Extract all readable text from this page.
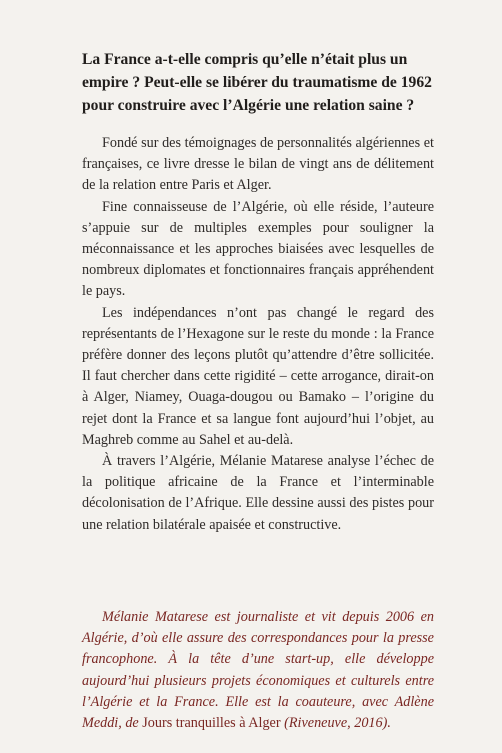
La France a-t-elle compris qu’elle n’était plus un empire ? Peut-elle se libérer du traumatisme de 1962 pour construire avec l’Algérie une relation saine ?

Fondé sur des témoignages de personnalités algériennes et françaises, ce livre dresse le bilan de vingt ans de délitement de la relation entre Paris et Alger.

Fine connaisseuse de l’Algérie, où elle réside, l’auteure s’appuie sur de multiples exemples pour souligner la méconnaissance et les approches biaisées avec lesquelles de nombreux diplomates et fonctionnaires français appréhendent le pays.

Les indépendances n’ont pas changé le regard des représentants de l’Hexagone sur le reste du monde : la France préfère donner des leçons plutôt qu’attendre d’être sollicitée. Il faut chercher dans cette rigidité – cette arrogance, dirait-on à Alger, Niamey, Ouaga-dougou ou Bamako – l’origine du rejet dont la France et sa langue font aujourd’hui l’objet, au Maghreb comme au Sahel et au-delà.

À travers l’Algérie, Mélanie Matarese analyse l’échec de la politique africaine de la France et l’interminable décolonisation de l’Afrique. Elle dessine aussi des pistes pour une relation bilatérale apaisée et constructive.

Mélanie Matarese est journaliste et vit depuis 2006 en Algérie, d’où elle assure des correspondances pour la presse francophone. À la tête d’une start-up, elle développe aujourd’hui plusieurs projets économiques et culturels entre l’Algérie et la France. Elle est la coauteure, avec Adlène Meddi, de Jours tranquilles à Alger (Riveneuve, 2016).
